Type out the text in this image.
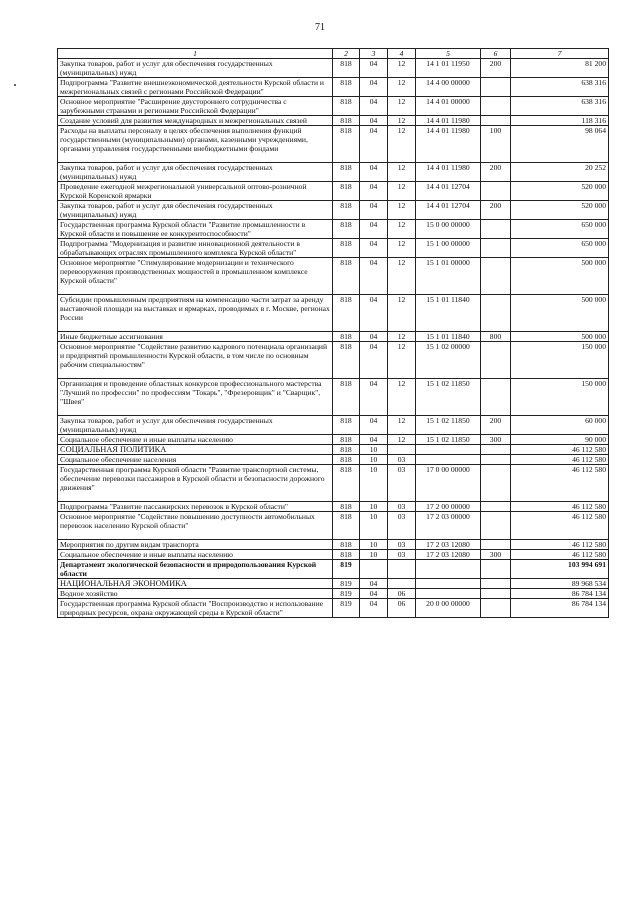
71
1	2	3	4	5	6	7
Закупка товаров, работ и услуг для обеспечения государственных (муниципальных) нужд	818	04	12	14 1 01 11950	200	81 200
Подпрограмма "Развитие внешнеэкономической деятельности Курской области и межрегиональных связей с регионами Российской Федерации"	818	04	12	14 4 00 00000		638 316
Основное мероприятие "Расширение двустороннего сотрудничества с зарубежными странами и регионами Российской Федерации"	818	04	12	14 4 01 00000		638 316
Создание условий для развития международных и межрегиональных связей	818	04	12	14 4 01 11980		118 316
Расходы на выплаты персоналу в целях обеспечения выполнения функций государственными (муниципальными) органами, казенными учреждениями, органами управления государственными внебюджетными фондами	818	04	12	14 4 01 11980	100	98 064
Закупка товаров, работ и услуг для обеспечения государственных (муниципальных) нужд	818	04	12	14 4 01 11980	200	20 252
Проведение ежегодной межрегиональной универсальной оптово-розничной Курской Коренской ярмарки	818	04	12	14 4 01 12704		520 000
Закупка товаров, работ и услуг для обеспечения государственных (муниципальных) нужд	818	04	12	14 4 01 12704	200	520 000
Государственная программа Курской области "Развитие промышленности в Курской области и повышение ее конкурентоспособности"	818	04	12	15 0 00 00000		650 000
Подпрограмма "Модернизация и развитие инновационной деятельности в обрабатывающих отраслях промышленного комплекса Курской области"	818	04	12	15 1 00 00000		650 000
Основное мероприятие "Стимулирование модернизации и технического перевооружения производственных мощностей в промышленном комплексе Курской области"	818	04	12	15 1 01 00000		500 000
Субсидии промышленным предприятиям на компенсацию части затрат за аренду выставочной площади на выставках и ярмарках, проводимых в г. Москве, регионах России	818	04	12	15 1 01 11840		500 000
Иные бюджетные ассигнования	818	04	12	15 1 01 11840	800	500 000
Основное мероприятие "Содействие развитию кадрового потенциала организаций и предприятий промышленности Курской области, в том числе по основным рабочим специальностям"	818	04	12	15 1 02 00000		150 000
Организация и проведение областных конкурсов профессионального мастерства "Лучший по профессии" по профессиям "Токарь", "Фрезеровщик" и "Сварщик", "Швея"	818	04	12	15 1 02 11850		150 000
Закупка товаров, работ и услуг для обеспечения государственных (муниципальных) нужд	818	04	12	15 1 02 11850	200	60 000
Социальное обеспечение и иные выплаты населению	818	04	12	15 1 02 11850	300	90 000
СОЦИАЛЬНАЯ ПОЛИТИКА	818	10				46 112 580
Социальное обеспечение населения	818	10	03			46 112 580
Государственная программа Курской области "Развитие транспортной системы, обеспечение перевозки пассажиров в Курской области и безопасности дорожного движения"	818	10	03	17 0 00 00000		46 112 580
Подпрограмма "Развитие пассажирских перевозок в Курской области"	818	10	03	17 2 00 00000		46 112 580
Основное мероприятие "Содействие повышению доступности автомобильных перевозок населению Курской области"	818	10	03	17 2 03 00000		46 112 580
Мероприятия по другим видам транспорта	818	10	03	17 2 03 12080		46 112 580
Социальное обеспечение и иные выплаты населению	818	10	03	17 2 03 12080	300	46 112 580
Департамент экологической безопасности и природопользования Курской области	819					103 994 691
НАЦИОНАЛЬНАЯ ЭКОНОМИКА	819	04				89 968 534
Водное хозяйство	819	04	06			86 784 134
Государственная программа Курской области "Воспроизводство и использование природных ресурсов, охрана окружающей среды в Курской области"	819	04	06	20 0 00 00000		86 784 134
